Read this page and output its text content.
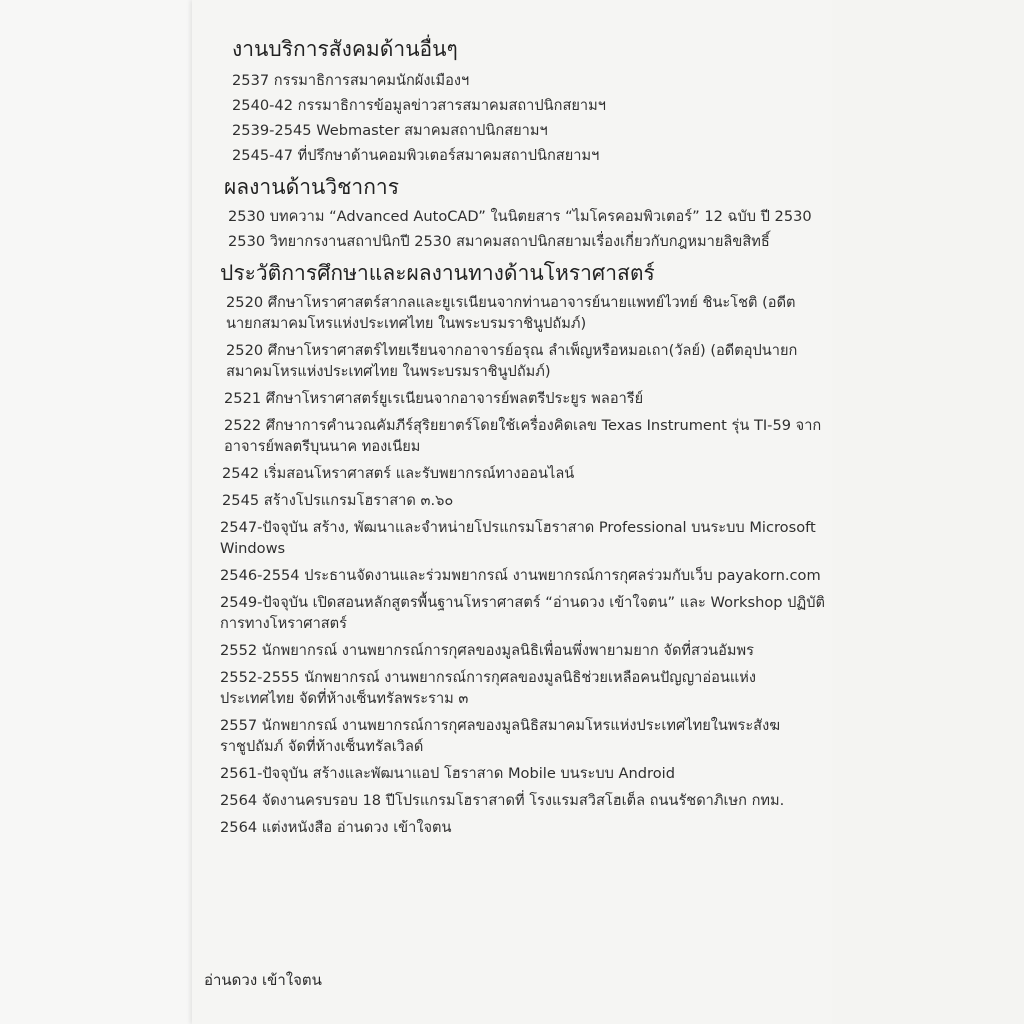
งานบริการสังคมด้านอื่นๆ

2537 กรรมาธิการสมาคมนักผังเมืองฯ

2540-42 กรรมาธิการข้อมูลข่าวสารสมาคมสถาปนิกสยามฯ

2539-2545 Webmaster สมาคมสถาปนิกสยามฯ

2545-47 ที่ปรึกษาด้านคอมพิวเตอร์สมาคมสถาปนิกสยามฯ

ผลงานด้านวิชาการ

2530 บทความ “Advanced AutoCAD” ในนิตยสาร “ไมโครคอมพิวเตอร์” 12 ฉบับ ปี 2530

2530 วิทยากรงานสถาปนิกปี 2530 สมาคมสถาปนิกสยามเรื่องเกี่ยวกับกฎหมายลิขสิทธิ์

ประวัติการศึกษาและผลงานทางด้านโหราศาสตร์

2520 ศึกษาโหราศาสตร์สากลและยูเรเนียนจากท่านอาจารย์นายแพทย์ไวทย์ ชินะโชติ (อดีตนายกสมาคมโหรแห่งประเทศไทย ในพระบรมราชินูปถัมภ์)

2520 ศึกษาโหราศาสตร์ไทยเรียนจากอาจารย์อรุณ ลำเพ็ญหรือหมอเถา(วัลย์) (อดีตอุปนายกสมาคมโหรแห่งประเทศไทย ในพระบรมราชินูปถัมภ์)

2521 ศึกษาโหราศาสตร์ยูเรเนียนจากอาจารย์พลตรีประยูร พลอารีย์

2522 ศึกษาการคำนวณคัมภีร์สุริยยาตร์โดยใช้เครื่องคิดเลข Texas Instrument รุ่น TI-59 จากอาจารย์พลตรีบุนนาค ทองเนียม

2542 เริ่มสอนโหราศาสตร์ และรับพยากรณ์ทางออนไลน์

2545 สร้างโปรแกรมโฮราสาด ๓.๖๐

2547-ปัจจุบัน สร้าง, พัฒนาและจำหน่ายโปรแกรมโฮราสาด Professional บนระบบ Microsoft Windows

2546-2554 ประธานจัดงานและร่วมพยากรณ์ งานพยากรณ์การกุศลร่วมกับเว็บ payakorn.com

2549-ปัจจุบัน เปิดสอนหลักสูตรพื้นฐานโหราศาสตร์ “อ่านดวง เข้าใจตน” และ Workshop ปฏิบัติการทางโหราศาสตร์

2552 นักพยากรณ์ งานพยากรณ์การกุศลของมูลนิธิเพื่อนพึ่งพายามยาก จัดที่สวนอัมพร

2552-2555 นักพยากรณ์ งานพยากรณ์การกุศลของมูลนิธิช่วยเหลือคนปัญญาอ่อนแห่งประเทศไทย จัดที่ห้างเซ็นทรัลพระราม ๓

2557 นักพยากรณ์ งานพยากรณ์การกุศลของมูลนิธิสมาคมโหรแห่งประเทศไทยในพระสังฆราชูปถัมภ์ จัดที่ห้างเซ็นทรัลเวิลด์

2561-ปัจจุบัน สร้างและพัฒนาแอป โฮราสาด Mobile บนระบบ Android

2564 จัดงานครบรอบ 18 ปีโปรแกรมโฮราสาดที่ โรงแรมสวิสโฮเต็ล ถนนรัชดาภิเษก กทม.

2564 แต่งหนังสือ อ่านดวง เข้าใจตน

อ่านดวง เข้าใจตน
